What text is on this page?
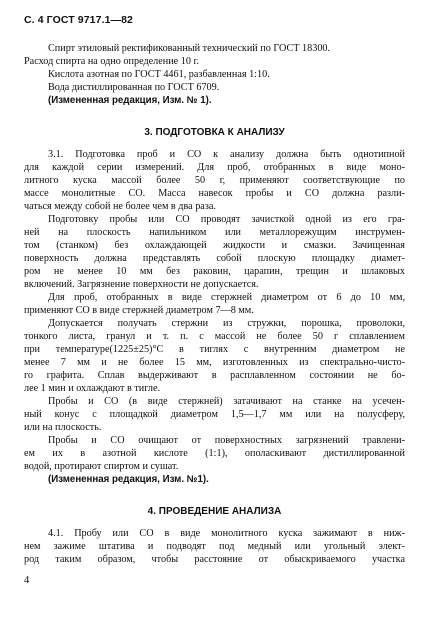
С. 4 ГОСТ 9717.1—82
Спирт этиловый ректификованный технический по ГОСТ 18300.
Расход спирта на одно определение 10 г.
Кислота азотная по ГОСТ 4461, разбавленная 1:10.
Вода дистиллированная по ГОСТ 6709.
(Измененная редакция, Изм. № 1).
3. ПОДГОТОВКА К АНАЛИЗУ
3.1. Подготовка проб и СО к анализу должна быть однотипной
для каждой серии измерений. Для проб, отобранных в виде моно-
литного куска массой более 50 г, применяют соответствующие по
массе монолитные СО. Масса навесок пробы и СО должна разли-
чаться между собой не более чем в два раза.
Подготовку пробы или СО проводят зачисткой одной из его гра-
ней на плоскость напильником или металлорежущим инструмен-
том (станком) без охлаждающей жидкости и смазки. Зачищенная
поверхность должна представлять собой плоскую площадку диамет-
ром не менее 10 мм без раковин, царапин, трещин и шлаковых
включений. Загрязнение поверхности не допускается.
Для проб, отобранных в виде стержней диаметром от 6 до 10 мм,
применяют СО в виде стержней диаметром 7—8 мм.
Допускается получать стержни из стружки, порошка, проволоки,
тонкого листа, гранул и т. п. с массой не более 50 г сплавлением
при температуре(1225±25)°С в тиглях с внутренним диаметром не
менее 7 мм и не более 15 мм, изготовленных из спектрально-чисто-
го графита. Сплав выдерживают в расплавленном состоянии не бо-
лее 1 мин и охлаждают в тигле.
Пробы и СО (в виде стержней) затачивают на станке на усечен-
ный конус с площадкой диаметром 1,5—1,7 мм или на полусферу,
или на плоскость.
Пробы и СО очищают от поверхностных загрязнений травлени-
ем их в азотной кислоте (1:1), ополаскивают дистиллированной
водой, протирают спиртом и сушат.
(Измененная редакция, Изм. №1).
4. ПРОВЕДЕНИЕ АНАЛИЗА
4.1. Пробу или СО в виде монолитного куска зажимают в ниж-
нем зажиме штатива и подводят под медный или угольный элект-
род таким образом, чтобы расстояние от обыскриваемого участка
4
